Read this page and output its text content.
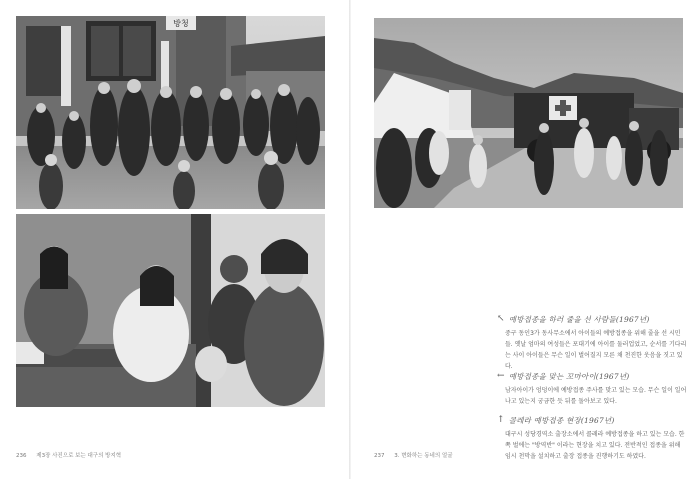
방청
↖ 예방접종을 하러 줄을 선 사람들(1967년)
중구 동인3가 동사무소에서 아이들의 예방접종을 위해 줄을 선 시민들. 옛날 엄마의 여성들은 포대기에 아이를 둘러업었고, 순서를 기다리는 사이 아이들은 무슨 일이 벌어질지 모른 채 천진한 웃음을 짓고 있다.
← 예방접종을 맞는 꼬마아이(1967년)
남자아이가 엉덩이에 예방접종 주사를 맞고 있는 모습. 무슨 일이 일어나고 있는지 궁금한 듯 뒤를 돌아보고 있다.
↑ 콜레라 예방접종 현장(1967년)
대구시 성당경역소 출장소에서 콜레라 예방접종을 하고 있는 모습. 한 쪽 벌에는 "방역반" 이라는 현장을 치고 있다. 전반적인 접종을 위해 임시 천막을 설치하고 출장 접종을 진행하기도 하였다.
236 제3장 사진으로 보는 대구의 방지혁	237 3. 변화하는 동네의 얼굴
